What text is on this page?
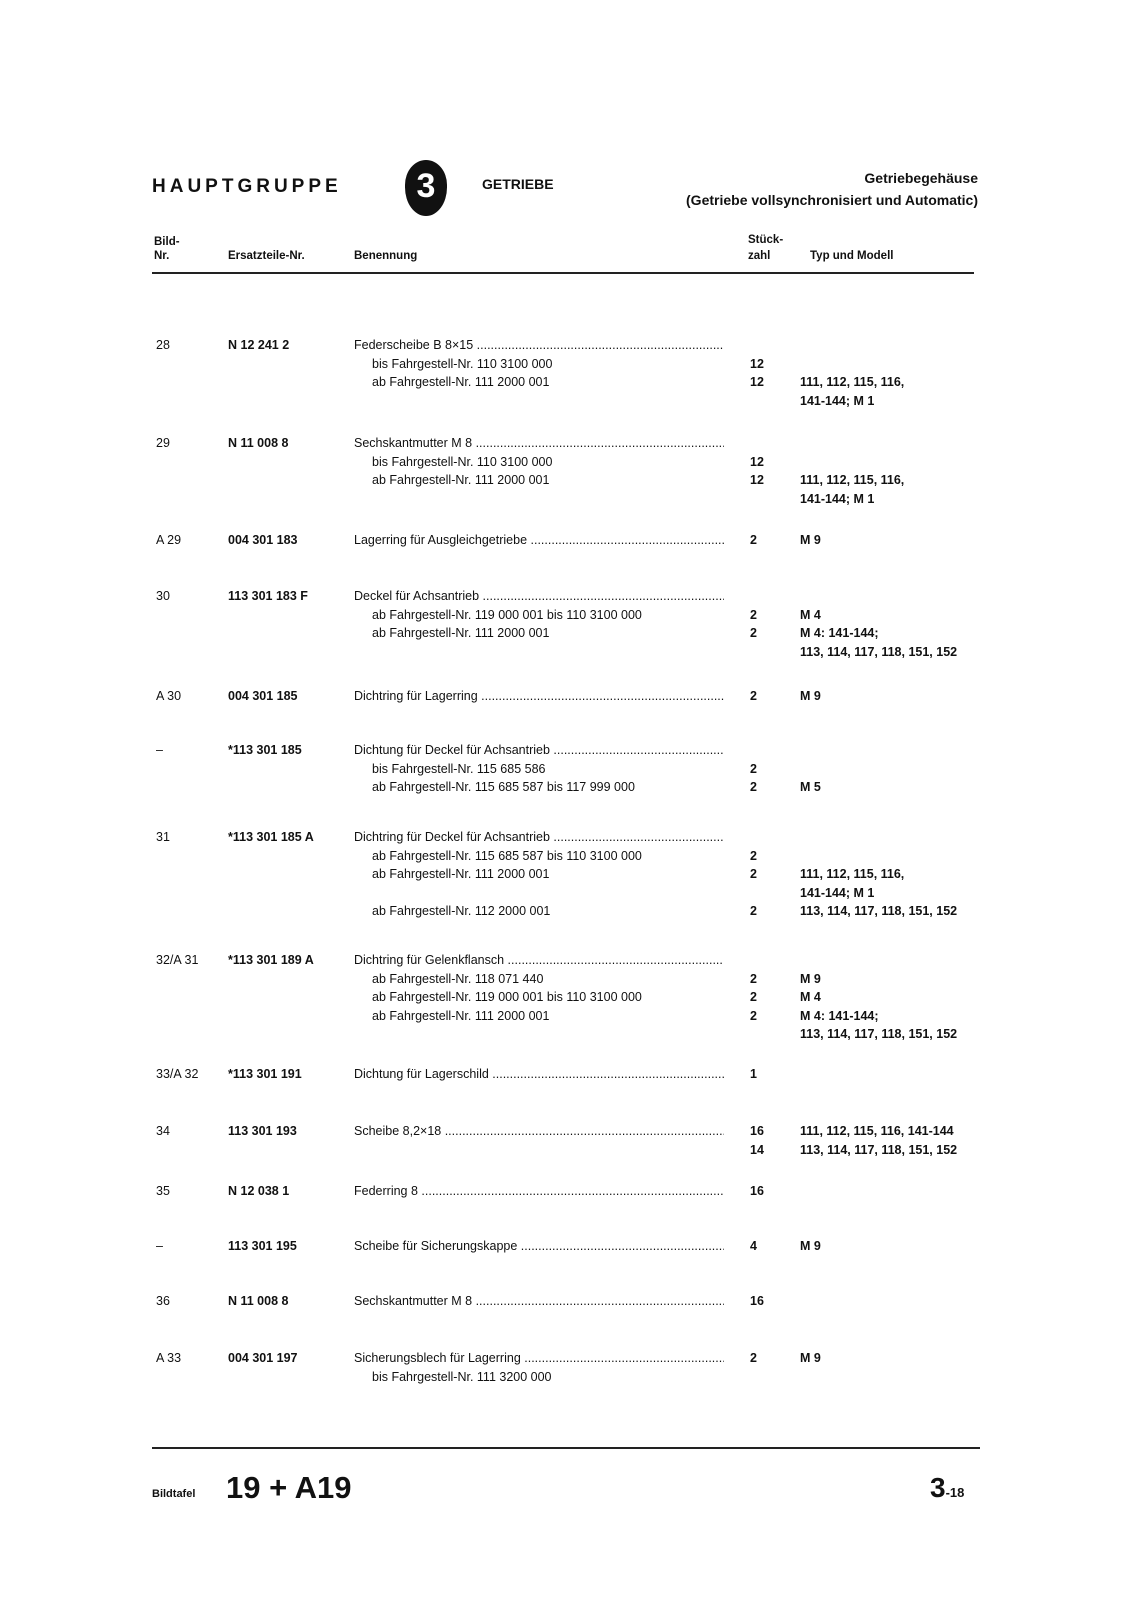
HAUPTGRUPPE	3	GETRIEBE	Getriebegehäuse
(Getriebe vollsynchronisiert und Automatic)
Bild-
Nr.	Ersatzteile-Nr.	Benennung
Stück-
zahl	Typ und Modell
28	N 12 241 2	Federscheibe B 8×15 .....
bis Fahrgestell-Nr. 110 3100 000	12
ab Fahrgestell-Nr. 111 2000 001	12	111, 112, 115, 116,
141-144; M 1
29	N 11 008 8	Sechskantmutter M 8 .....
bis Fahrgestell-Nr. 110 3100 000	12
ab Fahrgestell-Nr. 111 2000 001	12	111, 112, 115, 116,
141-144; M 1
A 29	004 301 183	Lagerring für Ausgleichgetriebe .....	2	M 9
30	113 301 183 F	Deckel für Achsantrieb .....
ab Fahrgestell-Nr. 119 000 001 bis 110 3100 000	2	M 4
ab Fahrgestell-Nr. 111 2000 001	2	M 4: 141-144;
113, 114, 117, 118, 151, 152
A 30	004 301 185	Dichtring für Lagerring .....	2	M 9
–	*113 301 185	Dichtung für Deckel für Achsantrieb .....
bis Fahrgestell-Nr. 115 685 586	2
ab Fahrgestell-Nr. 115 685 587 bis 117 999 000	2	M 5
31	*113 301 185 A	Dichtring für Deckel für Achsantrieb .....
ab Fahrgestell-Nr. 115 685 587 bis 110 3100 000	2
ab Fahrgestell-Nr. 111 2000 001	2	111, 112, 115, 116,
141-144; M 1
ab Fahrgestell-Nr. 112 2000 001	2	113, 114, 117, 118, 151, 152
32/A 31 *113 301 189 A	Dichtring für Gelenkflansch .....
ab Fahrgestell-Nr. 118 071 440	2	M 9
ab Fahrgestell-Nr. 119 000 001 bis 110 3100 000	2	M 4
ab Fahrgestell-Nr. 111 2000 001	2	M 4: 141-144;
113, 114, 117, 118, 151, 152
33/A 32 *113 301 191	Dichtung für Lagerschild .....	1
34	113 301 193	Scheibe 8,2×18 .....	16	111, 112, 115, 116, 141-144
14	113, 114, 117, 118, 151, 152
35	N 12 038 1	Federring 8 .....	16
–	113 301 195	Scheibe für Sicherungskappe .....	4	M 9
36	N 11 008 8	Sechskantmutter M 8 .....	16
A 33	004 301 197	Sicherungsblech für Lagerring .....	2	M 9
bis Fahrgestell-Nr. 111 3200 000
Bildtafel 19 + A19	3-18
